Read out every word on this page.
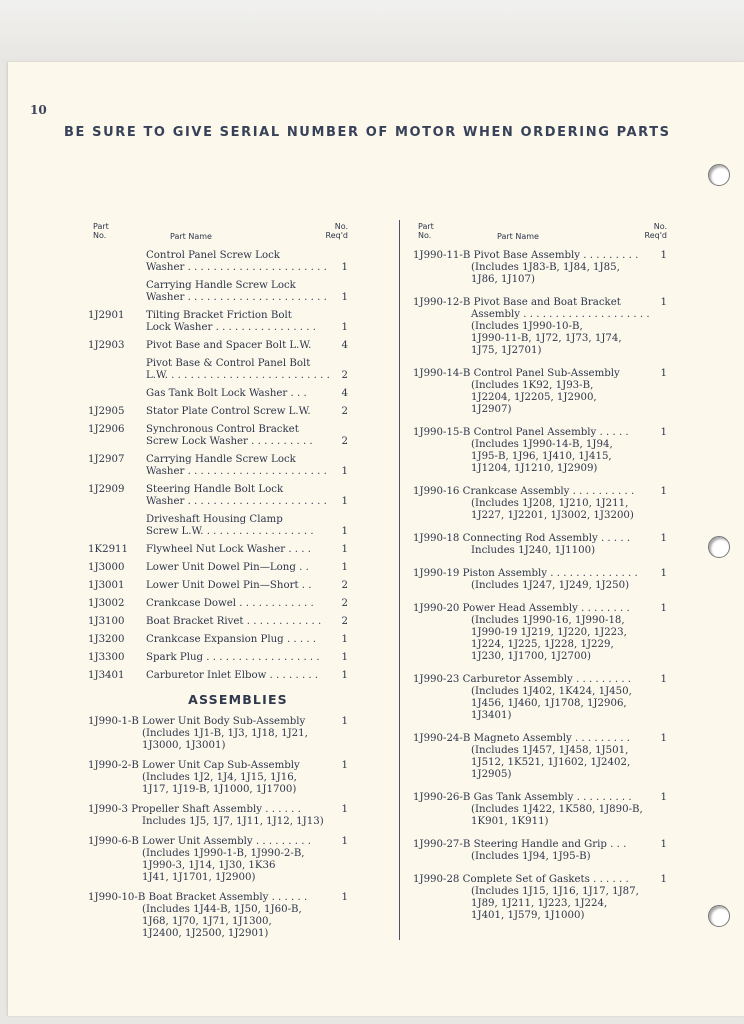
10
BE SURE TO GIVE SERIAL NUMBER OF MOTOR WHEN ORDERING PARTS
Part
No.	Part Name
No.
Req'd
Control Panel Screw Lock
Washer . . . . . . . . . . . . . . . . . . . . . .	1
Carrying Handle Screw Lock
Washer . . . . . . . . . . . . . . . . . . . . . .	1
1J2901 Tilting Bracket Friction Bolt
Lock Washer . . . . . . . . . . . . . . . .	1
1J2903 Pivot Base and Spacer Bolt L.W.	4
Pivot Base & Control Panel Bolt
L.W. . . . . . . . . . . . . . . . . . . . . . . . . . 2
Gas Tank Bolt Lock Washer . . .	4
1J2905 Stator Plate Control Screw L.W.	2
1J2906 Synchronous Control Bracket
Screw Lock Washer . . . . . . . . . .	2
1J2907 Carrying Handle Screw Lock
Washer . . . . . . . . . . . . . . . . . . . . . .	1
1J2909 Steering Handle Bolt Lock
Washer . . . . . . . . . . . . . . . . . . . . . .	1
Driveshaft Housing Clamp
Screw L.W. . . . . . . . . . . . . . . . . .	1
1K2911 Flywheel Nut Lock Washer . . . .	1
1J3000 Lower Unit Dowel Pin—Long . .	1
1J3001 Lower Unit Dowel Pin—Short . .	2
1J3002 Crankcase Dowel . . . . . . . . . . . .	2
1J3100 Boat Bracket Rivet . . . . . . . . . . . .	2
1J3200 Crankcase Expansion Plug . . . . .	1
1J3300 Spark Plug . . . . . . . . . . . . . . . . . .	1
1J3401 Carburetor Inlet Elbow . . . . . . . .	1
ASSEMBLIES
1J990-1-B Lower Unit Body Sub-Assembly
(Includes 1J1-B, 1J3, 1J18, 1J21,
1J3000, 1J3001)
1
1J990-2-B Lower Unit Cap Sub-Assembly
(Includes 1J2, 1J4, 1J15, 1J16,
1J17, 1J19-B, 1J1000, 1J1700)
1
1J990-3 Propeller Shaft Assembly . . . . . .
Includes 1J5, 1J7, 1J11, 1J12, 1J13)
1
1J990-6-B Lower Unit Assembly . . . . . . . . .
(Includes 1J990-1-B, 1J990-2-B,
1J990-3, 1J14, 1J30, 1K36
1J41, 1J1701, 1J2900)
1
1J990-10-B Boat Bracket Assembly . . . . . .
(Includes 1J44-B, 1J50, 1J60-B,
1J68, 1J70, 1J71, 1J1300,
1J2400, 1J2500, 1J2901)
1
Part
No.	Part Name
No.
Req'd
1J990-11-B Pivot Base Assembly . . . . . . . . .
(Includes 1J83-B, 1J84, 1J85,
1J86, 1J107)
1
1J990-12-B Pivot Base and Boat Bracket
Assembly . . . . . . . . . . . . . . . . . . . .
(Includes 1J990-10-B,
1J990-11-B, 1J72, 1J73, 1J74,
1J75, 1J2701)
1
1J990-14-B Control Panel Sub-Assembly
(Includes 1K92, 1J93-B,
1J2204, 1J2205, 1J2900,
1J2907)
1
1J990-15-B Control Panel Assembly . . . . .
(Includes 1J990-14-B, 1J94,
1J95-B, 1J96, 1J410, 1J415,
1J1204, 1J1210, 1J2909)
1
1J990-16 Crankcase Assembly . . . . . . . . . .
(Includes 1J208, 1J210, 1J211,
1J227, 1J2201, 1J3002, 1J3200)
1
1J990-18 Connecting Rod Assembly . . . . .
Includes 1J240, 1J1100)
1
1J990-19 Piston Assembly . . . . . . . . . . . . . .
(Includes 1J247, 1J249, 1J250)
1
1J990-20 Power Head Assembly . . . . . . . .
(Includes 1J990-16, 1J990-18,
1J990-19 1J219, 1J220, 1J223,
1J224, 1J225, 1J228, 1J229,
1J230, 1J1700, 1J2700)
1
1J990-23 Carburetor Assembly . . . . . . . . .
(Includes 1J402, 1K424, 1J450,
1J456, 1J460, 1J1708, 1J2906,
1J3401)
1
1J990-24-B Magneto Assembly . . . . . . . . .
(Includes 1J457, 1J458, 1J501,
1J512, 1K521, 1J1602, 1J2402,
1J2905)
1
1J990-26-B Gas Tank Assembly . . . . . . . . .
(Includes 1J422, 1K580, 1J890-B,
1K901, 1K911)
1
1J990-27-B Steering Handle and Grip . . .
(Includes 1J94, 1J95-B)
1
1J990-28 Complete Set of Gaskets . . . . . .
(Includes 1J15, 1J16, 1J17, 1J87,
1J89, 1J211, 1J223, 1J224,
1J401, 1J579, 1J1000)
1
